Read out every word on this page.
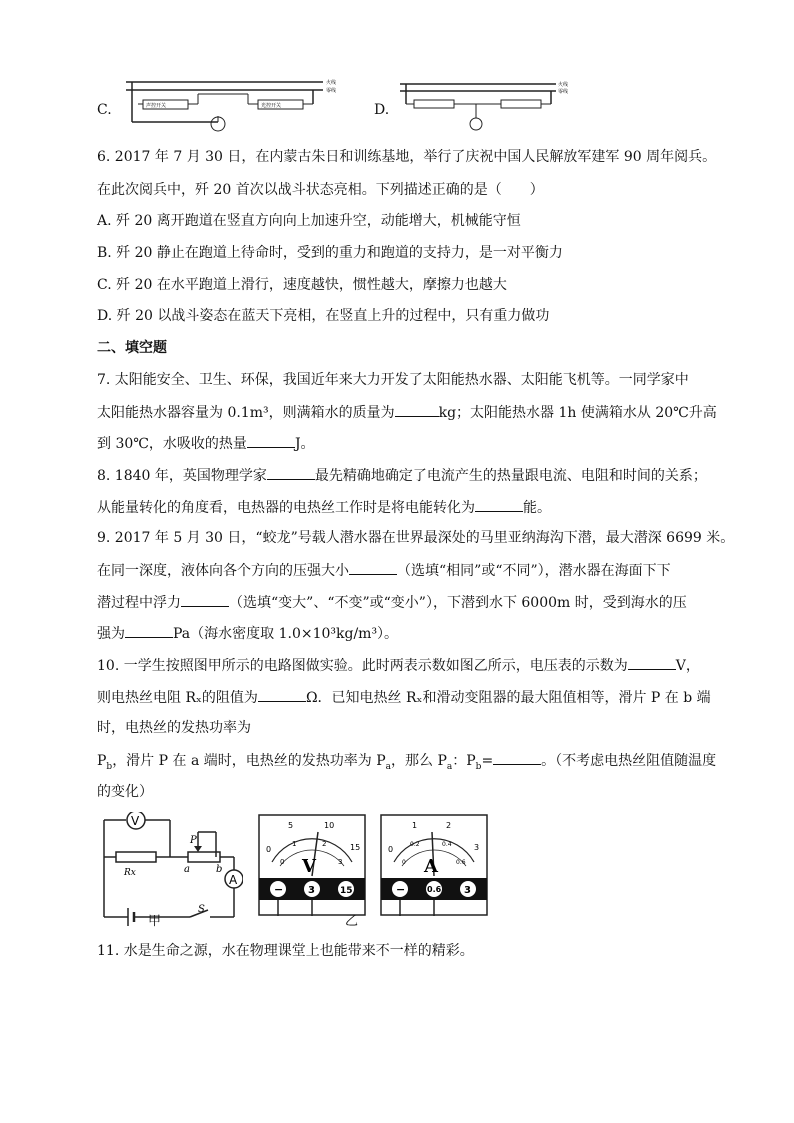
C.
火线
零线
声控开关	光控开关	D.
火线
零线
6. 2017 年 7 月 30 日，在内蒙古朱日和训练基地，举行了庆祝中国人民解放军建军 90 周年阅兵。
在此次阅兵中，歼 20 首次以战斗状态亮相。下列描述正确的是（　　）
A. 歼 20 离开跑道在竖直方向向上加速升空，动能增大，机械能守恒
B. 歼 20 静止在跑道上待命时，受到的重力和跑道的支持力，是一对平衡力
C. 歼 20 在水平跑道上滑行，速度越快，惯性越大，摩擦力也越大
D. 歼 20 以战斗姿态在蓝天下亮相，在竖直上升的过程中，只有重力做功
二、填空题
7. 太阳能安全、卫生、环保，我国近年来大力开发了太阳能热水器、太阳能飞机等。一同学家中
太阳能热水器容量为 0.1m³，则满箱水的质量为	kg；太阳能热水器 1h 使满箱水从 20℃升高
到 30℃，水吸收的热量	J。
8. 1840 年，英国物理学家	最先精确地确定了电流产生的热量跟电流、电阻和时间的关系；
从能量转化的角度看，电热器的电热丝工作时是将电能转化为	能。
9. 2017 年 5 月 30 日，“蛟龙”号载人潜水器在世界最深处的马里亚纳海沟下潜，最大潜深 6699 米。
在同一深度，液体向各个方向的压强大小	（选填“相同”或“不同”），潜水器在海面下下
潜过程中浮力	（选填“变大”、“不变”或“变小”），下潜到水下 6000m 时，受到海水的压
强为	Pa（海水密度取 1.0×10³kg/m³）。
10. 一学生按照图甲所示的电路图做实验。此时两表示数如图乙所示，电压表的示数为	V，
则电热丝电阻 Rₓ的阻值为	Ω．已知电热丝 Rₓ和滑动变阻器的最大阻值相等，滑片 P 在 b 端
时，电热丝的发热功率为
$P_b$，滑片 P 在 a 端时，电热丝的发热功率为 $P_a$，那么 $P_a$：$P_b=$	。（不考虑电热丝阻值随温度
的变化）
A
V
Rx
P
a	b
S
甲
0
5	10
15
0
1	2
3
V
− 3	15
0
1	2
3
0
0.2	0.4
0.6
A
−	0.6 3
乙
11. 水是生命之源，水在物理课堂上也能带来不一样的精彩。
